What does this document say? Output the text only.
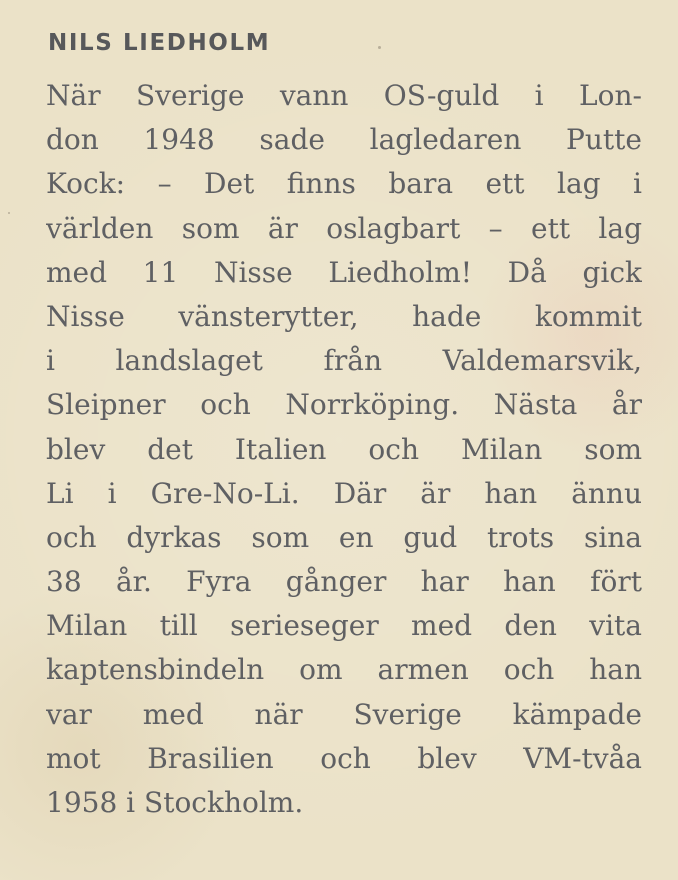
NILS LIEDHOLM
När Sverige vann OS-guld i Lon-
don 1948 sade lagledaren Putte
Kock: – Det finns bara ett lag i
världen som är oslagbart – ett lag
med 11 Nisse Liedholm! Då gick
Nisse vänsterytter, hade kommit
i landslaget från Valdemarsvik,
Sleipner och Norrköping. Nästa år
blev det Italien och Milan som
Li i Gre-No-Li. Där är han ännu
och dyrkas som en gud trots sina
38 år. Fyra gånger har han fört
Milan till serieseger med den vita
kaptensbindeln om armen och han
var med när Sverige kämpade
mot Brasilien och blev VM-tvåa
1958 i Stockholm.
